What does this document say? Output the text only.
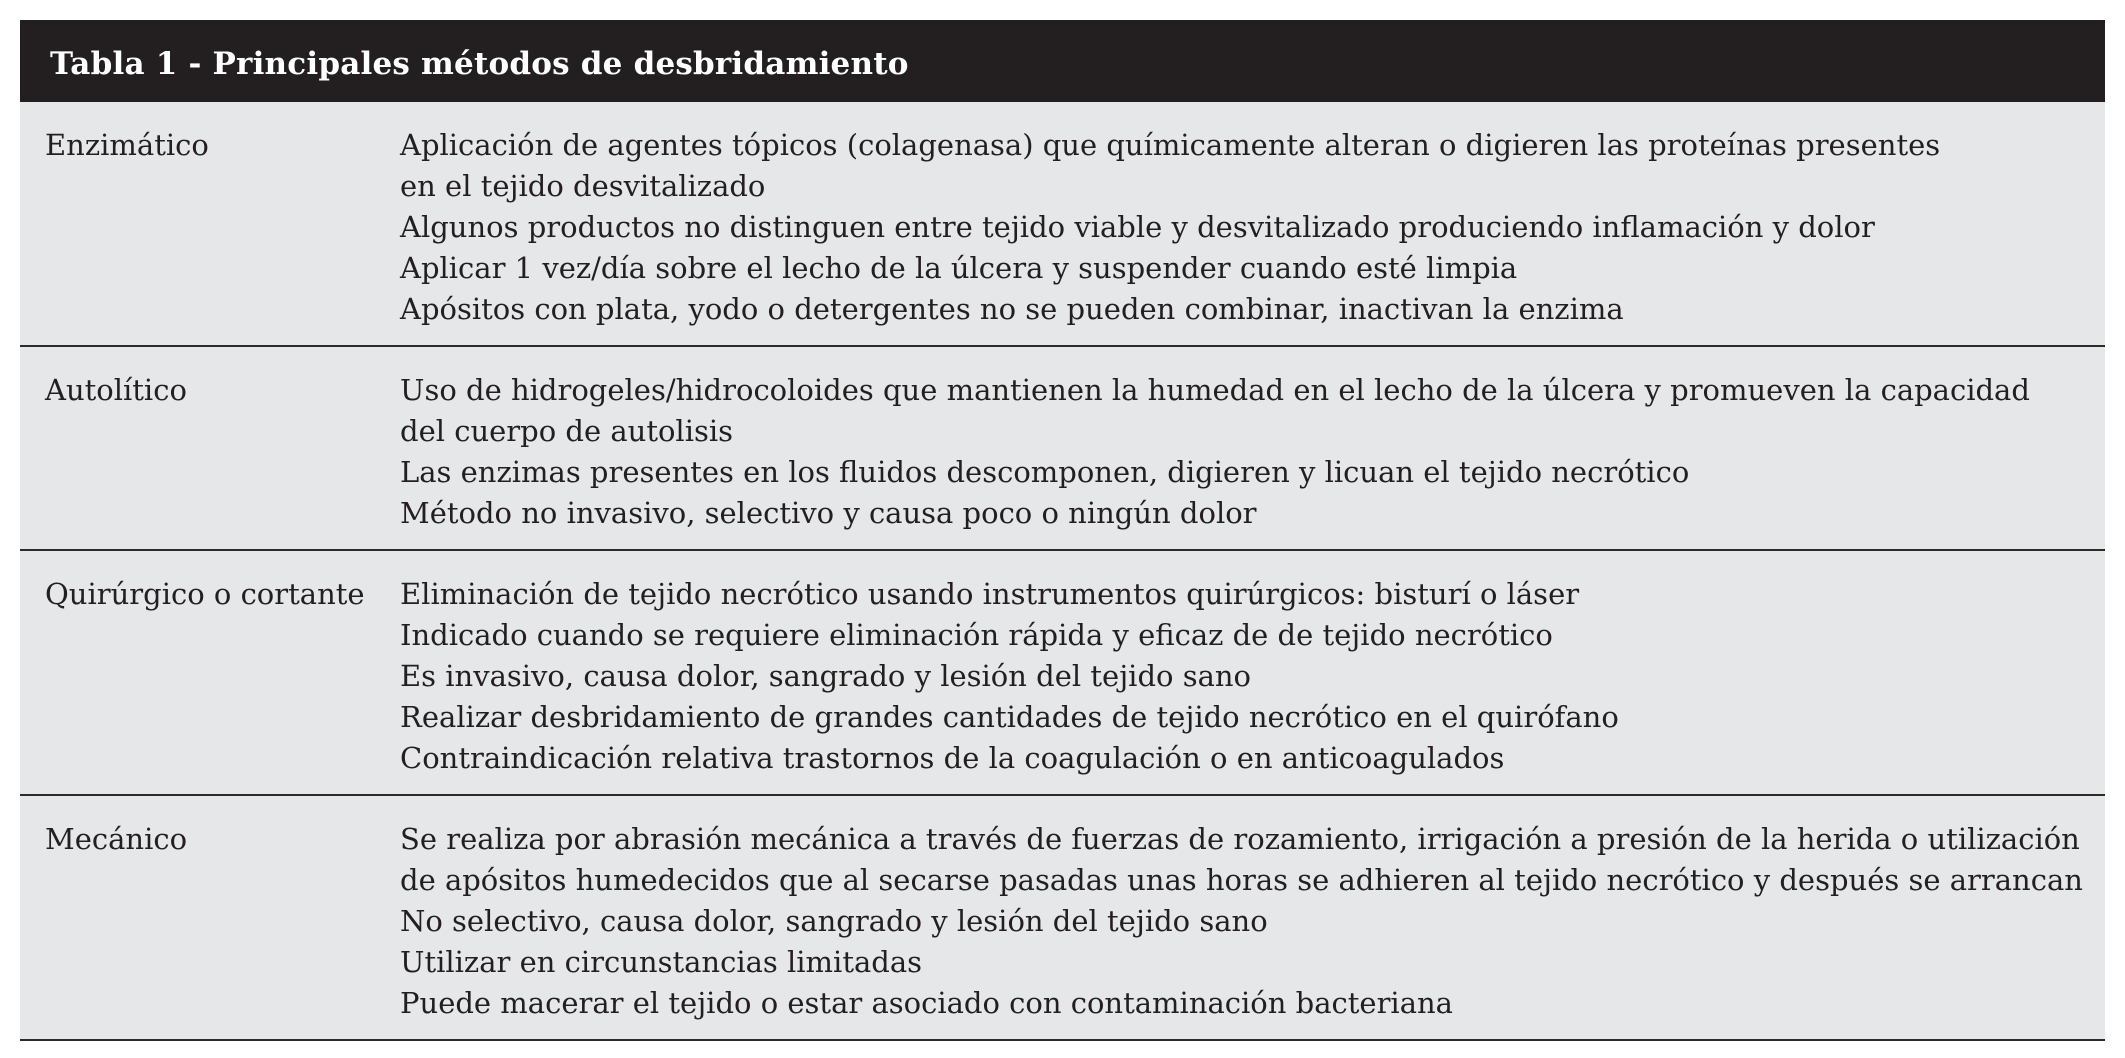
Tabla 1 - Principales métodos de desbridamiento
Enzimático	Aplicación de agentes tópicos (colagenasa) que químicamente alteran o digieren las proteínas presentes
en el tejido desvitalizado
Algunos productos no distinguen entre tejido viable y desvitalizado produciendo inflamación y dolor
Aplicar 1 vez/día sobre el lecho de la úlcera y suspender cuando esté limpia
Apósitos con plata, yodo o detergentes no se pueden combinar, inactivan la enzima
Autolítico	Uso de hidrogeles/hidrocoloides que mantienen la humedad en el lecho de la úlcera y promueven la capacidad
del cuerpo de autolisis
Las enzimas presentes en los fluidos descomponen, digieren y licuan el tejido necrótico
Método no invasivo, selectivo y causa poco o ningún dolor
Quirúrgico o cortante	Eliminación de tejido necrótico usando instrumentos quirúrgicos: bisturí o láser
Indicado cuando se requiere eliminación rápida y eficaz de de tejido necrótico
Es invasivo, causa dolor, sangrado y lesión del tejido sano
Realizar desbridamiento de grandes cantidades de tejido necrótico en el quirófano
Contraindicación relativa trastornos de la coagulación o en anticoagulados
Mecánico	Se realiza por abrasión mecánica a través de fuerzas de rozamiento, irrigación a presión de la herida o utilización
de apósitos humedecidos que al secarse pasadas unas horas se adhieren al tejido necrótico y después se arrancan
No selectivo, causa dolor, sangrado y lesión del tejido sano
Utilizar en circunstancias limitadas
Puede macerar el tejido o estar asociado con contaminación bacteriana
